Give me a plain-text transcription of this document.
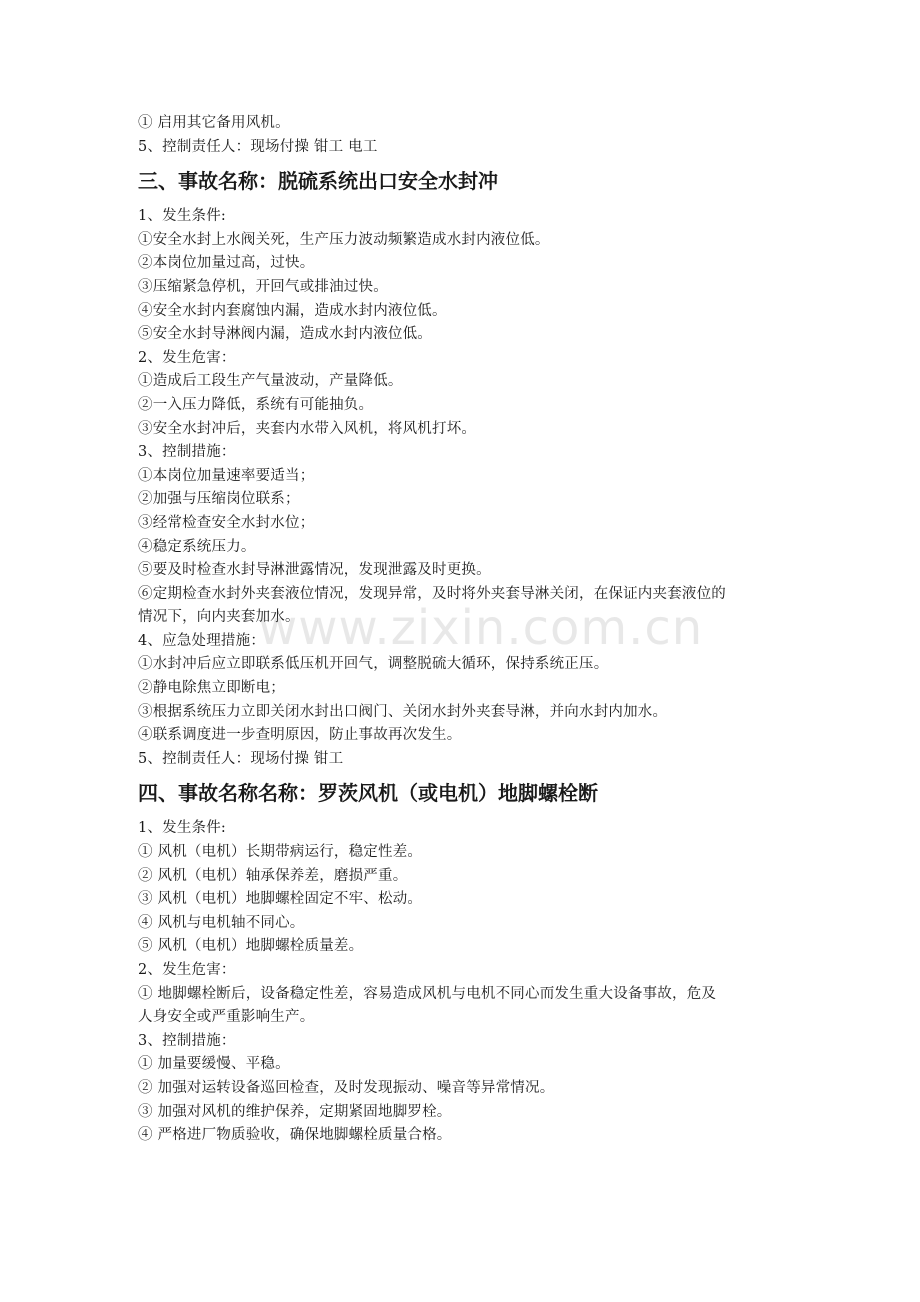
① 启用其它备用风机。
5、控制责任人：现场付操 钳工 电工
三、事故名称：脱硫系统出口安全水封冲
1、发生条件:
①安全水封上水阀关死，生产压力波动频繁造成水封内液位低。
②本岗位加量过高，过快。
③压缩紧急停机，开回气或排油过快。
④安全水封内套腐蚀内漏，造成水封内液位低。
⑤安全水封导淋阀内漏，造成水封内液位低。
2、发生危害：
①造成后工段生产气量波动，产量降低。
②一入压力降低，系统有可能抽负。
③安全水封冲后，夹套内水带入风机，将风机打坏。
3、控制措施：
①本岗位加量速率要适当；
②加强与压缩岗位联系；
③经常检查安全水封水位；
④稳定系统压力。
⑤要及时检查水封导淋泄露情况，发现泄露及时更换。
⑥定期检查水封外夹套液位情况，发现异常，及时将外夹套导淋关闭，在保证内夹套液位的
情况下，向内夹套加水。
4、应急处理措施：
①水封冲后应立即联系低压机开回气，调整脱硫大循环，保持系统正压。
②静电除焦立即断电；
③根据系统压力立即关闭水封出口阀门、关闭水封外夹套导淋，并向水封内加水。
④联系调度进一步查明原因，防止事故再次发生。
5、控制责任人：现场付操 钳工
四、事故名称名称：罗茨风机（或电机）地脚螺栓断
1、发生条件:
① 风机（电机）长期带病运行，稳定性差。
② 风机（电机）轴承保养差，磨损严重。
③ 风机（电机）地脚螺栓固定不牢、松动。
④ 风机与电机轴不同心。
⑤ 风机（电机）地脚螺栓质量差。
2、发生危害：
① 地脚螺栓断后，设备稳定性差，容易造成风机与电机不同心而发生重大设备事故，危及
人身安全或严重影响生产。
3、控制措施：
① 加量要缓慢、平稳。
② 加强对运转设备巡回检查，及时发现振动、噪音等异常情况。
③ 加强对风机的维护保养，定期紧固地脚罗栓。
④ 严格进厂物质验收，确保地脚螺栓质量合格。
www.zixin.com.cn
